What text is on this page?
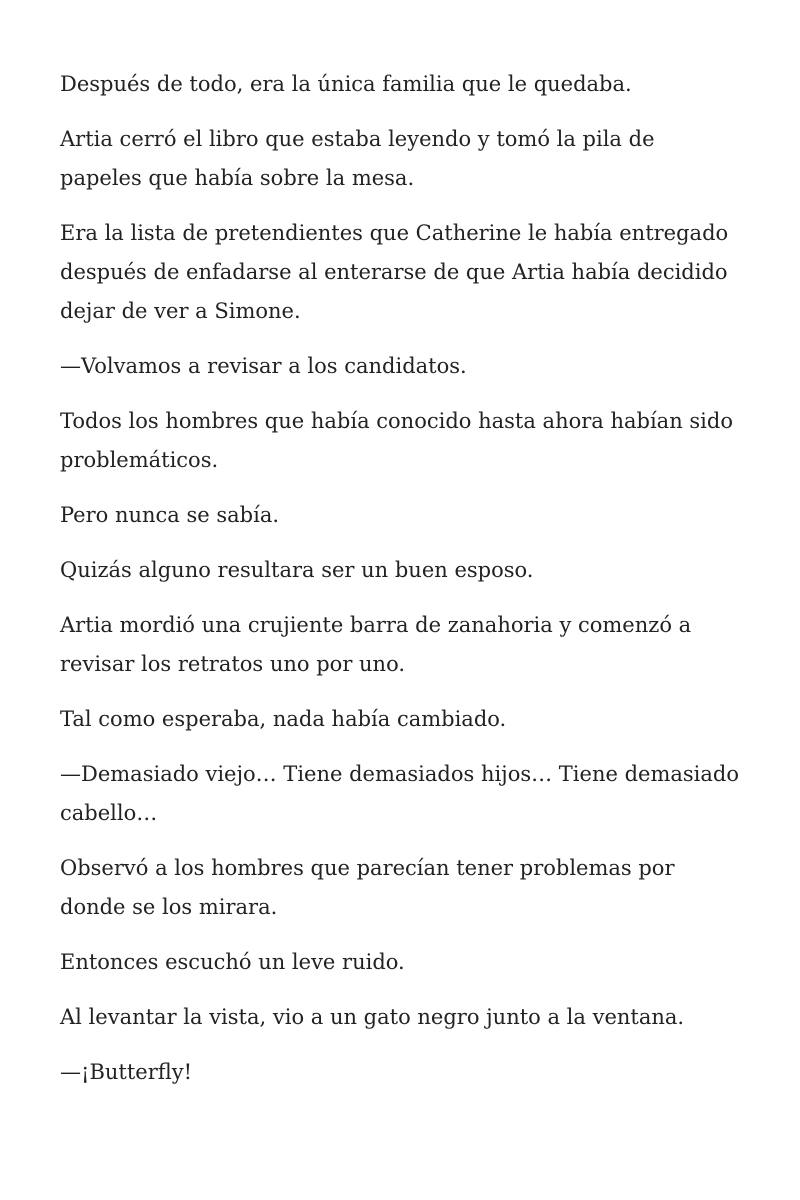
Después de todo, era la única familia que le quedaba.

Artia cerró el libro que estaba leyendo y tomó la pila de papeles que había sobre la mesa.

Era la lista de pretendientes que Catherine le había entregado después de enfadarse al enterarse de que Artia había decidido dejar de ver a Simone.

—Volvamos a revisar a los candidatos.

Todos los hombres que había conocido hasta ahora habían sido problemáticos.

Pero nunca se sabía.

Quizás alguno resultara ser un buen esposo.

Artia mordió una crujiente barra de zanahoria y comenzó a revisar los retratos uno por uno.

Tal como esperaba, nada había cambiado.

—Demasiado viejo… Tiene demasiados hijos… Tiene demasiado cabello…

Observó a los hombres que parecían tener problemas por donde se los mirara.

Entonces escuchó un leve ruido.

Al levantar la vista, vio a un gato negro junto a la ventana.

—¡Butterfly!
